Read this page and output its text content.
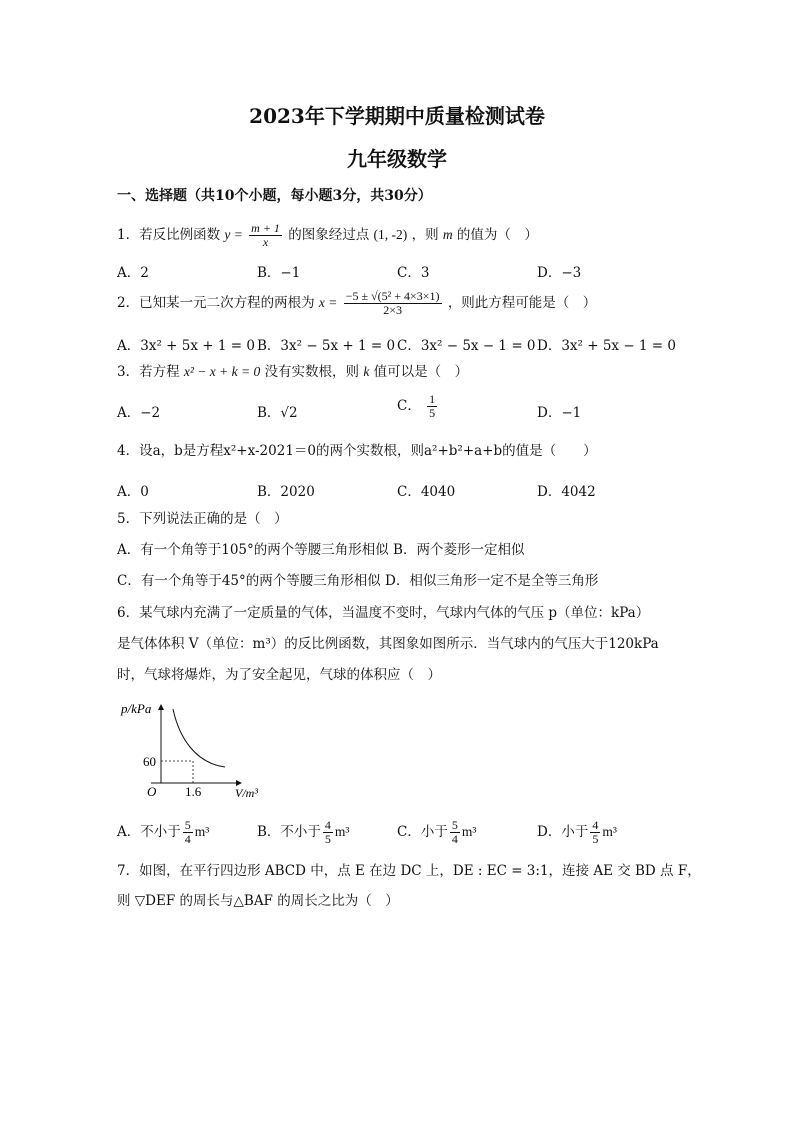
2023年下学期期中质量检测试卷
九年级数学
一、选择题（共10个小题，每小题3分，共30分）
1．若反比例函数 $y = \frac{m + 1}{x}$ 的图象经过点 (1, -2) ，则 m 的值为（　）
A．2	B．−1	C．3	D．−3
2．已知某一元二次方程的两根为 $x = \frac{\text{−5 ± √(5² + 4×3×1)}}{2\times 3}$ ，则此方程可能是（　）
A．3x² + 5x + 1 = 0 B．3x² − 5x + 1 = 0 C．3x² − 5x − 1 = 0 D．3x² + 5x − 1 = 0
3．若方程 x² − x + k = 0 没有实数根，则 k 值可以是（　）
A．−2	B．√2	C． $\frac{1}{5}$	D．−1
4．设a，b是方程x²+x-2021＝0的两个实数根，则a²+b²+a+b的值是（　　）
A．0	B．2020	C．4040	D．4042
5．下列说法正确的是（　）
A．有一个角等于105°的两个等腰三角形相似 B．两个菱形一定相似
C．有一个角等于45°的两个等腰三角形相似 D．相似三角形一定不是全等三角形
6．某气球内充满了一定质量的气体，当温度不变时，气球内气体的气压 p（单位：kPa）
是气体体积 V（单位：m³）的反比例函数，其图象如图所示．当气球内的气压大于120kPa
时，气球将爆炸，为了安全起见，气球的体积应（　）
p/kPa
V/m³
O
60
1.6
A．不小于 $\frac{5}{4} m^3$	B．不小于 $\frac{4}{5} m^3$	C．小于 $\frac{5}{4} m^3$	D．小于 $\frac{4}{5} m^3$
7．如图，在平行四边形 ABCD 中，点 E 在边 DC 上，DE : EC = 3:1，连接 AE 交 BD 点 F，
则 ▽DEF 的周长与△BAF 的周长之比为（　）
